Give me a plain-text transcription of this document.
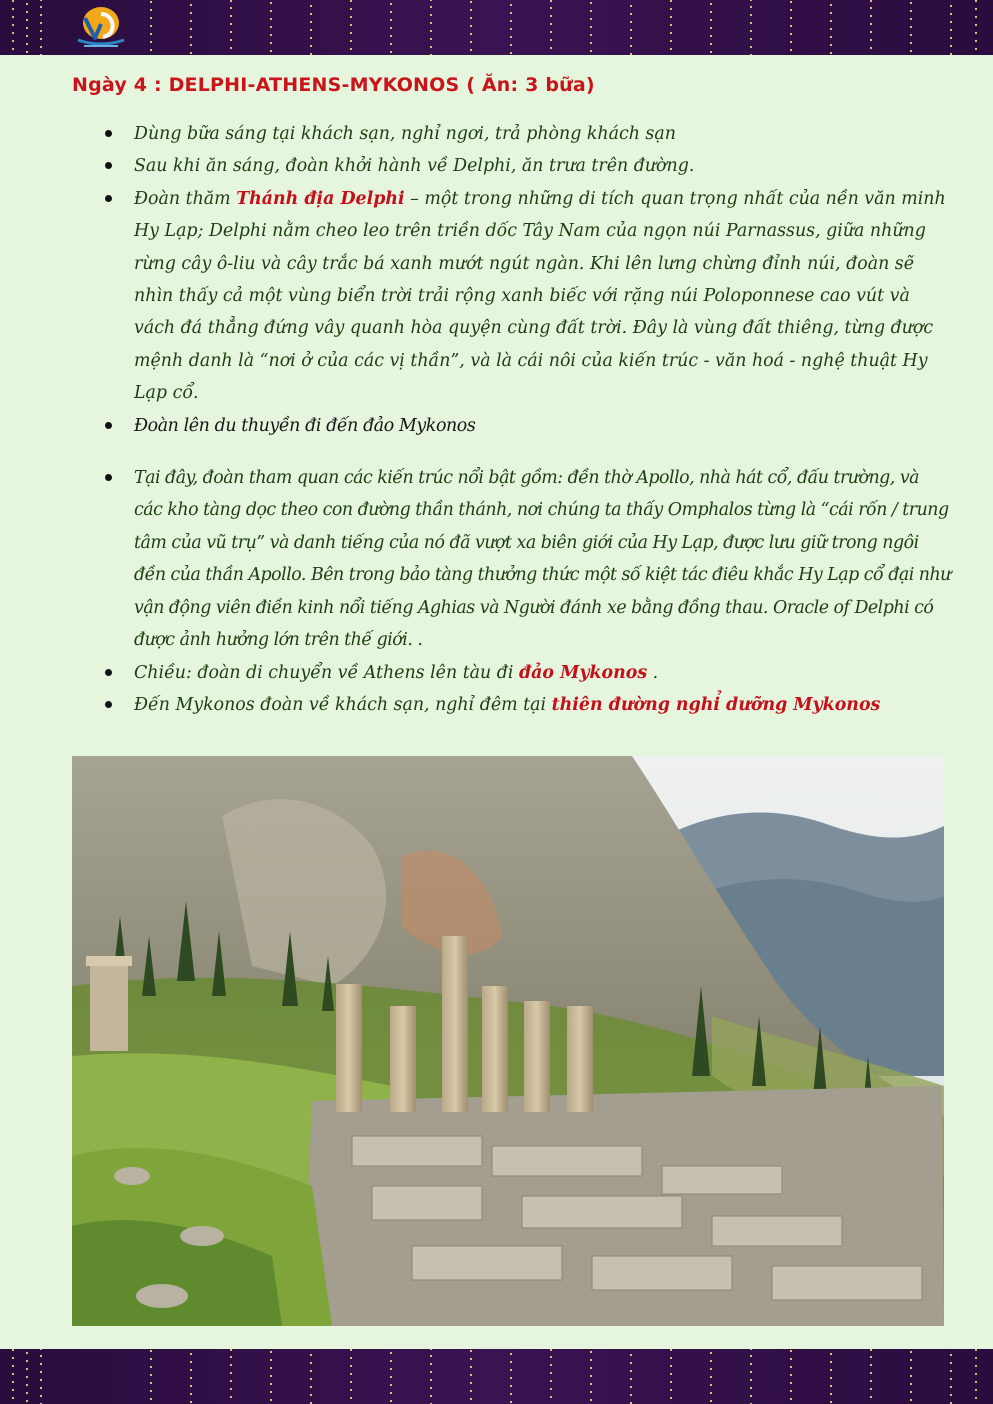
Ngày 4 : DELPHI-ATHENS-MYKONOS ( Ăn: 3 bữa)
Dùng bữa sáng tại khách sạn, nghỉ ngơi, trả phòng khách sạn
Sau khi ăn sáng, đoàn khởi hành về Delphi, ăn trưa trên đường.
Đoàn thăm Thánh địa Delphi – một trong những di tích quan trọng nhất của nền văn minh Hy Lạp; Delphi nằm cheo leo trên triền dốc Tây Nam của ngọn núi Parnassus, giữa những rừng cây ô-liu và cây trắc bá xanh mướt ngút ngàn. Khi lên lưng chừng đỉnh núi, đoàn sẽ nhìn thấy cả một vùng biển trời trải rộng xanh biếc với rặng núi Poloponnese cao vút và vách đá thẳng đứng vây quanh hòa quyện cùng đất trời. Đây là vùng đất thiêng, từng được mệnh danh là “nơi ở của các vị thần”, và là cái nôi của kiến trúc - văn hoá - nghệ thuật Hy Lạp cổ.
Đoàn lên du thuyền đi đến đảo Mykonos
Tại đây, đoàn tham quan các kiến trúc nổi bật gồm: đền thờ Apollo, nhà hát cổ, đấu trường, và các kho tàng dọc theo con đường thần thánh, nơi chúng ta thấy Omphalos từng là “cái rốn / trung tâm của vũ trụ” và danh tiếng của nó đã vượt xa biên giới của Hy Lạp, được lưu giữ trong ngôi đền của thần Apollo. Bên trong bảo tàng thưởng thức một số kiệt tác điêu khắc Hy Lạp cổ đại như vận động viên điền kinh nổi tiếng Aghias và Người đánh xe bằng đồng thau. Oracle of Delphi có được ảnh hưởng lớn trên thế giới. .
Chiều: đoàn di chuyển về Athens lên tàu đi đảo Mykonos .
Đến Mykonos đoàn về khách sạn, nghỉ đêm tại thiên đường nghỉ dưỡng Mykonos
